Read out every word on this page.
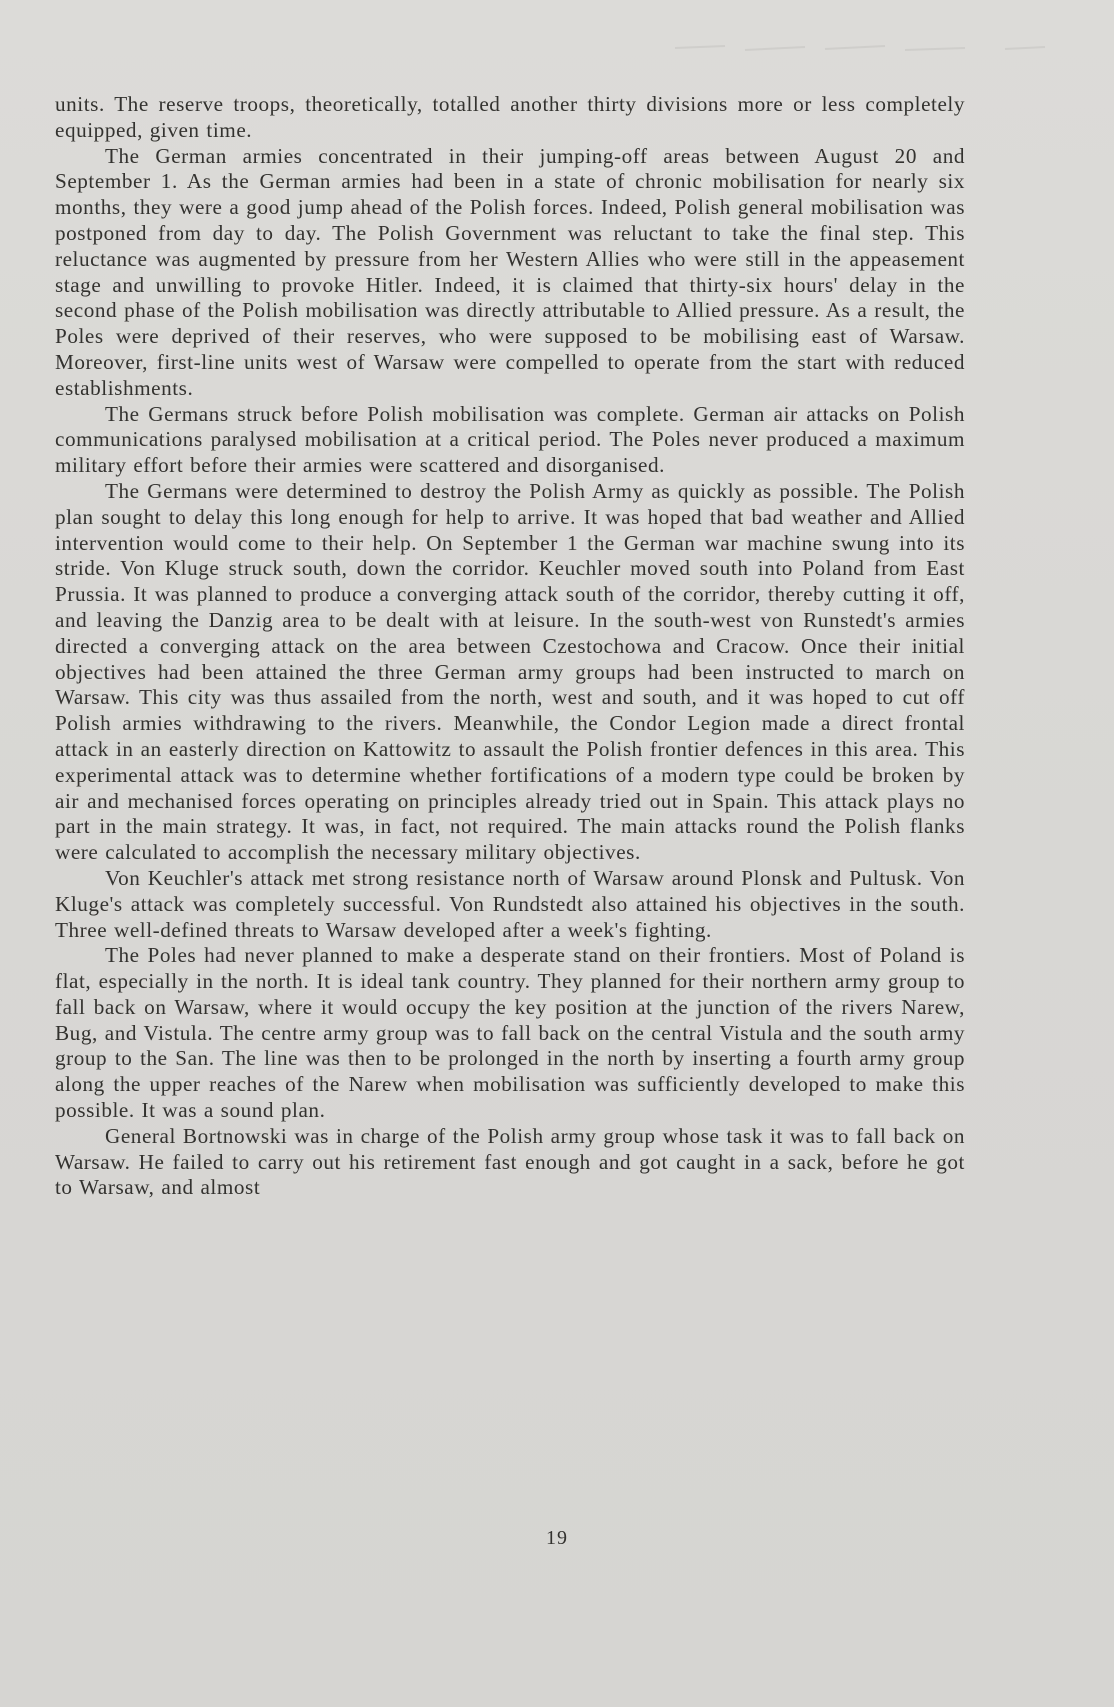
units. The reserve troops, theoretically, totalled another thirty divisions more or less completely equipped, given time.

The German armies concentrated in their jumping-off areas between August 20 and September 1. As the German armies had been in a state of chronic mobilisation for nearly six months, they were a good jump ahead of the Polish forces. Indeed, Polish general mobilisation was postponed from day to day. The Polish Government was reluctant to take the final step. This reluctance was augmented by pressure from her Western Allies who were still in the appeasement stage and unwilling to provoke Hitler. Indeed, it is claimed that thirty-six hours' delay in the second phase of the Polish mobilisation was directly attributable to Allied pressure. As a result, the Poles were deprived of their reserves, who were supposed to be mobilising east of Warsaw. Moreover, first-line units west of Warsaw were compelled to operate from the start with reduced establishments.

The Germans struck before Polish mobilisation was complete. German air attacks on Polish communications paralysed mobilisation at a critical period. The Poles never produced a maximum military effort before their armies were scattered and disorganised.

The Germans were determined to destroy the Polish Army as quickly as possible. The Polish plan sought to delay this long enough for help to arrive. It was hoped that bad weather and Allied intervention would come to their help. On September 1 the German war machine swung into its stride. Von Kluge struck south, down the corridor. Keuchler moved south into Poland from East Prussia. It was planned to produce a converging attack south of the corridor, thereby cutting it off, and leaving the Danzig area to be dealt with at leisure. In the south-west von Runstedt's armies directed a converging attack on the area between Czestochowa and Cracow. Once their initial objectives had been attained the three German army groups had been instructed to march on Warsaw. This city was thus assailed from the north, west and south, and it was hoped to cut off Polish armies withdrawing to the rivers. Meanwhile, the Condor Legion made a direct frontal attack in an easterly direction on Kattowitz to assault the Polish frontier defences in this area. This experimental attack was to determine whether fortifications of a modern type could be broken by air and mechanised forces operating on principles already tried out in Spain. This attack plays no part in the main strategy. It was, in fact, not required. The main attacks round the Polish flanks were calculated to accomplish the necessary military objectives.

Von Keuchler's attack met strong resistance north of Warsaw around Plonsk and Pultusk. Von Kluge's attack was completely successful. Von Rundstedt also attained his objectives in the south. Three well-defined threats to Warsaw developed after a week's fighting.

The Poles had never planned to make a desperate stand on their frontiers. Most of Poland is flat, especially in the north. It is ideal tank country. They planned for their northern army group to fall back on Warsaw, where it would occupy the key position at the junction of the rivers Narew, Bug, and Vistula. The centre army group was to fall back on the central Vistula and the south army group to the San. The line was then to be prolonged in the north by inserting a fourth army group along the upper reaches of the Narew when mobilisation was sufficiently developed to make this possible. It was a sound plan.

General Bortnowski was in charge of the Polish army group whose task it was to fall back on Warsaw. He failed to carry out his retirement fast enough and got caught in a sack, before he got to Warsaw, and almost

19
